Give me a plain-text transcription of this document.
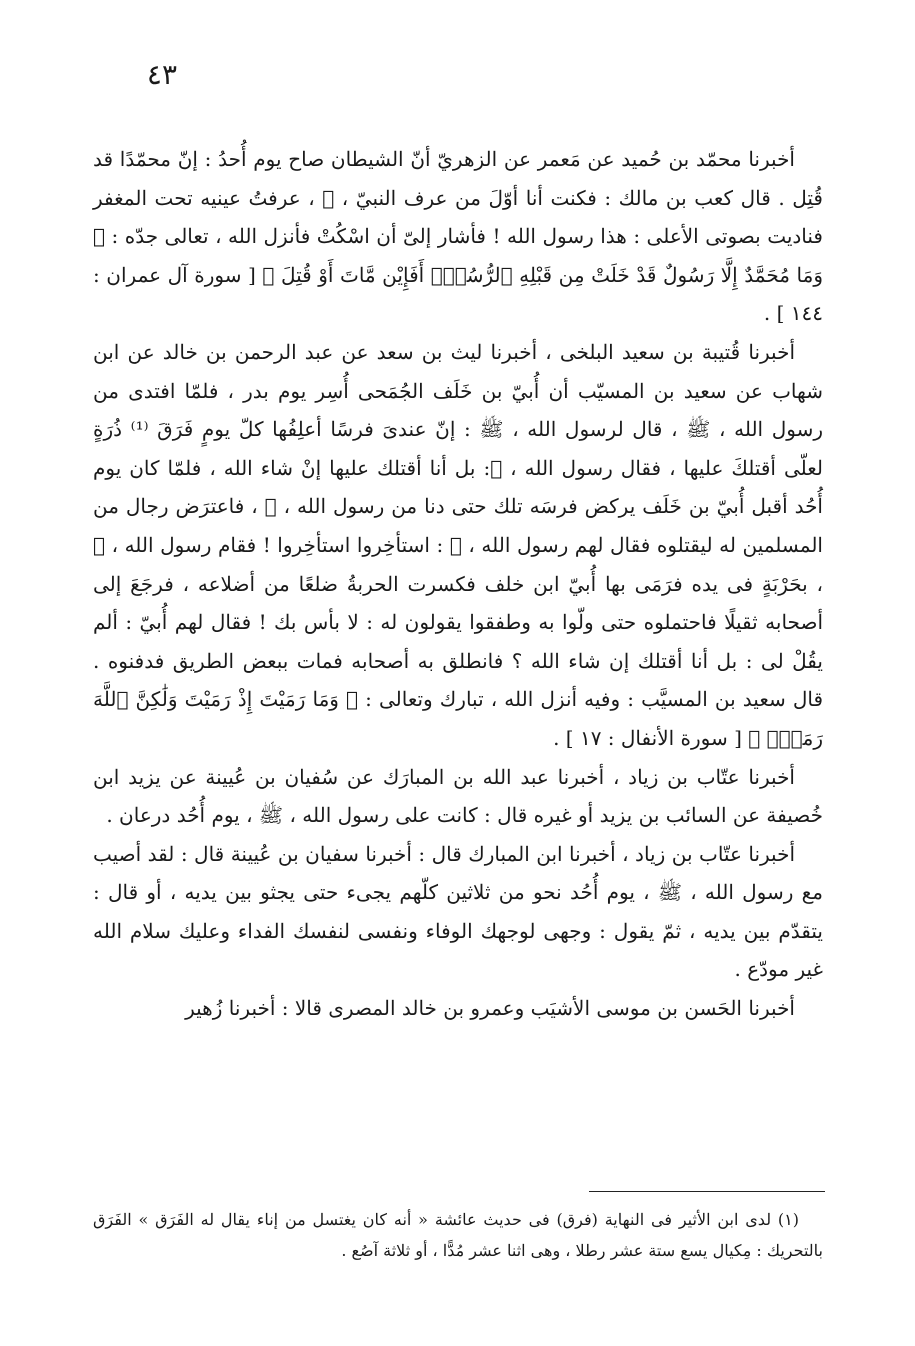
٤٣

أخبرنا محمّد بن حُميد عن مَعمر عن الزهريّ أنّ الشيطان صاح يوم أُحدُ : إنّ محمّدًا قد قُتِل . قال كعب بن مالك : فكنت أنا أوّلَ من عرف النبيّ ، ﷺ ، عرفتُ عينيه تحت المغفر فناديت بصوتى الأعلى : هذا رسول الله ! فأشار إلىّ أن اسْكُتْ فأنزل الله ، تعالى جدّه : ﴿ وَمَا مُحَمَّدٌ إِلَّا رَسُولٌ قَدْ خَلَتْ مِن قَبْلِهِ ٱلرُّسُلُۚ أَفَإِيْن مَّاتَ أَوْ قُتِلَ ﴾ [ سورة آل عمران : ١٤٤ ] .

أخبرنا قُتيبة بن سعيد البلخى ، أخبرنا ليث بن سعد عن عبد الرحمن بن خالد عن ابن شهاب عن سعيد بن المسيّب أن أُبيّ بن خَلَف الجُمَحى أُسِر يوم بدر ، فلمّا افتدى من رسول الله ، ﷺ ، قال لرسول الله ، ﷺ : إنّ عندىَ فرسًا أعلِفُها كلّ يومٍ فَرَقَ ⁽¹⁾ ذُرَةٍ لعلّى أقتلكَ عليها ، فقال رسول الله ، ﷺ: بل أنا أقتلك عليها إنْ شاء الله ، فلمّا كان يوم أُحُد أقبل أُبيّ بن خَلَف يركض فرسَه تلك حتى دنا من رسول الله ، ﷺ ، فاعترَض رجال من المسلمين له ليقتلوه فقال لهم رسول الله ، ﷺ : استأخِروا استأخِروا ! فقام رسول الله ، ﷺ ، بحَرْبَةٍ فى يده فرَمَى بها أُبيّ ابن خلف فكسرت الحربةُ ضلعًا من أضلاعه ، فرجَعَ إلى أصحابه ثقيلًا فاحتملوه حتى ولّوا به وطفقوا يقولون له : لا بأس بك ! فقال لهم أُبيّ : ألم يقُلْ لى : بل أنا أقتلك إن شاء الله ؟ فانطلق به أصحابه فمات ببعض الطريق فدفنوه . قال سعيد بن المسيَّب : وفيه أنزل الله ، تبارك وتعالى : ﴿ وَمَا رَمَيْتَ إِذْ رَمَيْتَ وَلَٰكِنَّ ٱللَّهَ رَمَىٰۚ ﴾ [ سورة الأنفال : ١٧ ] .

أخبرنا عتّاب بن زياد ، أخبرنا عبد الله بن المبارَك عن سُفيان بن عُيينة عن يزيد ابن خُصيفة عن السائب بن يزيد أو غيره قال : كانت على رسول الله ، ﷺ ، يوم أُحُد درعان .

أخبرنا عتّاب بن زياد ، أخبرنا ابن المبارك قال : أخبرنا سفيان بن عُيينة قال : لقد أصيب مع رسول الله ، ﷺ ، يوم أُحُد نحو من ثلاثين كلّهم يجىء حتى يجثو بين يديه ، أو قال : يتقدّم بين يديه ، ثمّ يقول : وجهى لوجهك الوفاء ونفسى لنفسك الفداء وعليك سلام الله غير مودّع .

أخبرنا الحَسن بن موسى الأشيَب وعمرو بن خالد المصرى قالا : أخبرنا زُهير

(١) لدى ابن الأثير فى النهاية (فرق) فى حديث عائشة « أنه كان يغتسل من إناء يقال له الفَرَق » الفَرَق بالتحريك : مِكيال يسع ستة عشر رطلا ، وهى اثنا عشر مُدًّا ، أو ثلاثة آصُع .
